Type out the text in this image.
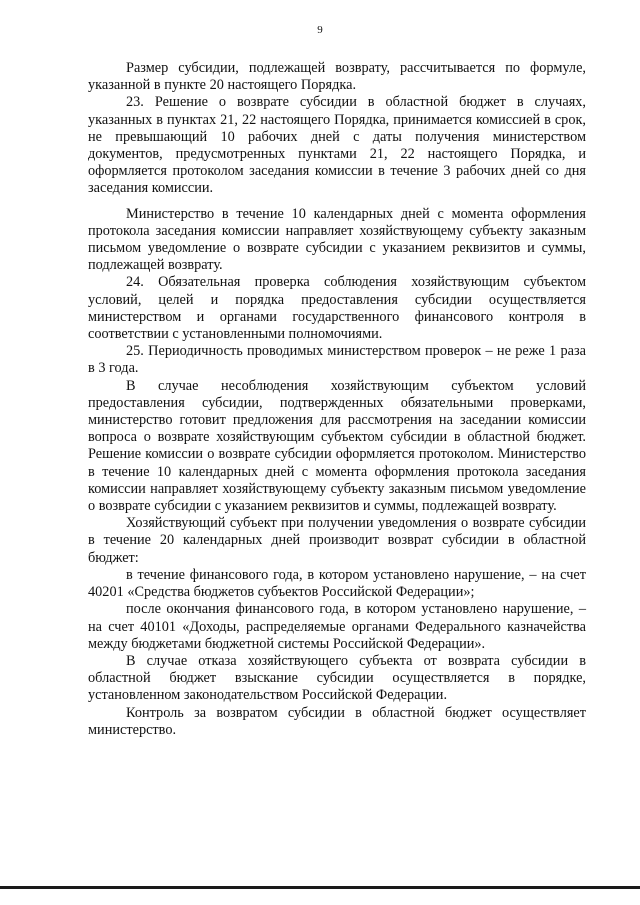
9

Размер субсидии, подлежащей возврату, рассчитывается по формуле, указанной в пункте 20 настоящего Порядка.

23. Решение о возврате субсидии в областной бюджет в случаях, указанных в пунктах 21, 22 настоящего Порядка, принимается комиссией в срок, не превышающий 10 рабочих дней с даты получения министерством документов, предусмотренных пунктами 21, 22 настоящего Порядка, и оформляется протоколом заседания комиссии в течение 3 рабочих дней со дня заседания комиссии.

Министерство в течение 10 календарных дней с момента оформления протокола заседания комиссии направляет хозяйствующему субъекту заказным письмом уведомление о возврате субсидии с указанием реквизитов и суммы, подлежащей возврату.

24. Обязательная проверка соблюдения хозяйствующим субъектом условий, целей и порядка предоставления субсидии осуществляется министерством и органами государственного финансового контроля в соответствии с установленными полномочиями.

25. Периодичность проводимых министерством проверок – не реже 1 раза в 3 года.

В случае несоблюдения хозяйствующим субъектом условий предоставления субсидии, подтвержденных обязательными проверками, министерство готовит предложения для рассмотрения на заседании комиссии вопроса о возврате хозяйствующим субъектом субсидии в областной бюджет. Решение комиссии о возврате субсидии оформляется протоколом. Министерство в течение 10 календарных дней с момента оформления протокола заседания комиссии направляет хозяйствующему субъекту заказным письмом уведомление о возврате субсидии с указанием реквизитов и суммы, подлежащей возврату.

Хозяйствующий субъект при получении уведомления о возврате субсидии в течение 20 календарных дней производит возврат субсидии в областной бюджет:

в течение финансового года, в котором установлено нарушение, – на счет 40201 «Средства бюджетов субъектов Российской Федерации»;

после окончания финансового года, в котором установлено нарушение, – на счет 40101 «Доходы, распределяемые органами Федерального казначейства между бюджетами бюджетной системы Российской Федерации».

В случае отказа хозяйствующего субъекта от возврата субсидии в областной бюджет взыскание субсидии осуществляется в порядке, установленном законодательством Российской Федерации.

Контроль за возвратом субсидии в областной бюджет осуществляет министерство.
